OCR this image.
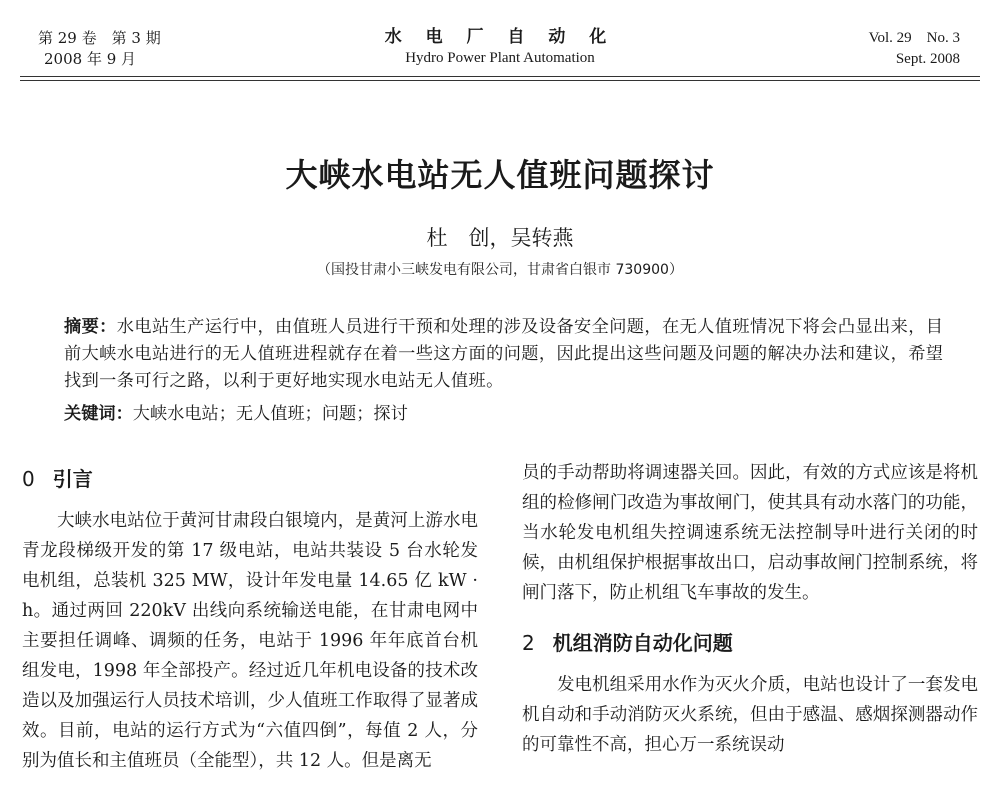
第 29 卷　第 3 期
2008 年 9 月
水 电 厂 自 动 化
Hydro Power Plant Automation
Vol. 29　No. 3
Sept. 2008
大峡水电站无人值班问题探讨
杜　创，吴转燕
（国投甘肃小三峡发电有限公司，甘肃省白银市 730900）

摘要：水电站生产运行中，由值班人员进行干预和处理的涉及设备安全问题，在无人值班情况下将会凸显出来，目前大峡水电站进行的无人值班进程就存在着一些这方面的问题，因此提出这些问题及问题的解决办法和建议，希望找到一条可行之路，以利于更好地实现水电站无人值班。

关键词：大峡水电站；无人值班；问题；探讨
0 引言

大峡水电站位于黄河甘肃段白银境内，是黄河上游水电青龙段梯级开发的第 17 级电站，电站共装设 5 台水轮发电机组，总装机 325 MW，设计年发电量 14.65 亿 kW · h。通过两回 220kV 出线向系统输送电能，在甘肃电网中主要担任调峰、调频的任务，电站于 1996 年年底首台机组发电，1998 年全部投产。经过近几年机电设备的技术改造以及加强运行人员技术培训，少人值班工作取得了显著成效。目前，电站的运行方式为“六值四倒”，每值 2 人，分别为值长和主值班员（全能型），共 12 人。但是离无

员的手动帮助将调速器关回。因此，有效的方式应该是将机组的检修闸门改造为事故闸门，使其具有动水落门的功能，当水轮发电机组失控调速系统无法控制导叶进行关闭的时候，由机组保护根据事故出口，启动事故闸门控制系统，将闸门落下，防止机组飞车事故的发生。

2 机组消防自动化问题

发电机组采用水作为灭火介质，电站也设计了一套发电机自动和手动消防灭火系统，但由于感温、感烟探测器动作的可靠性不高，担心万一系统误动
